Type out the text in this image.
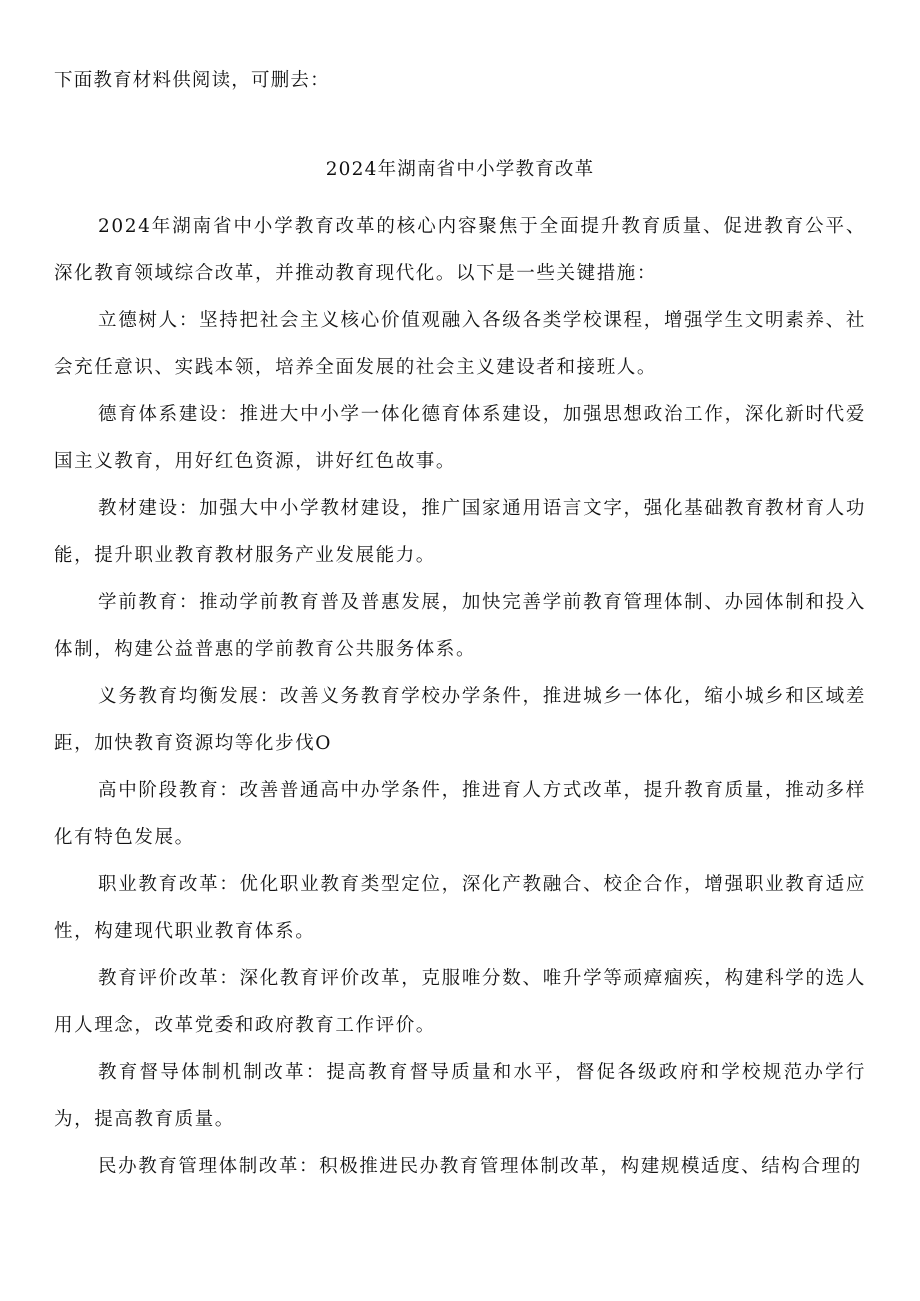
下面教育材料供阅读，可删去：
2024年湖南省中小学教育改革

2024年湖南省中小学教育改革的核心内容聚焦于全面提升教育质量、促进教育公平、深化教育领域综合改革，并推动教育现代化。以下是一些关键措施：

立德树人：坚持把社会主义核心价值观融入各级各类学校课程，增强学生文明素养、社会充任意识、实践本领，培养全面发展的社会主义建设者和接班人。

德育体系建设：推进大中小学一体化德育体系建设，加强思想政治工作，深化新时代爱国主义教育，用好红色资源，讲好红色故事。

教材建设：加强大中小学教材建设，推广国家通用语言文字，强化基础教育教材育人功能，提升职业教育教材服务产业发展能力。

学前教育：推动学前教育普及普惠发展，加快完善学前教育管理体制、办园体制和投入体制，构建公益普惠的学前教育公共服务体系。

义务教育均衡发展：改善义务教育学校办学条件，推进城乡一体化，缩小城乡和区域差距，加快教育资源均等化步伐O

高中阶段教育：改善普通高中办学条件，推进育人方式改革，提升教育质量，推动多样化有特色发展。

职业教育改革：优化职业教育类型定位，深化产教融合、校企合作，增强职业教育适应性，构建现代职业教育体系。

教育评价改革：深化教育评价改革，克服唯分数、唯升学等顽瘴痼疾，构建科学的选人用人理念，改革党委和政府教育工作评价。

教育督导体制机制改革：提高教育督导质量和水平，督促各级政府和学校规范办学行为，提高教育质量。

民办教育管理体制改革：积极推进民办教育管理体制改革，构建规模适度、结构合理的
